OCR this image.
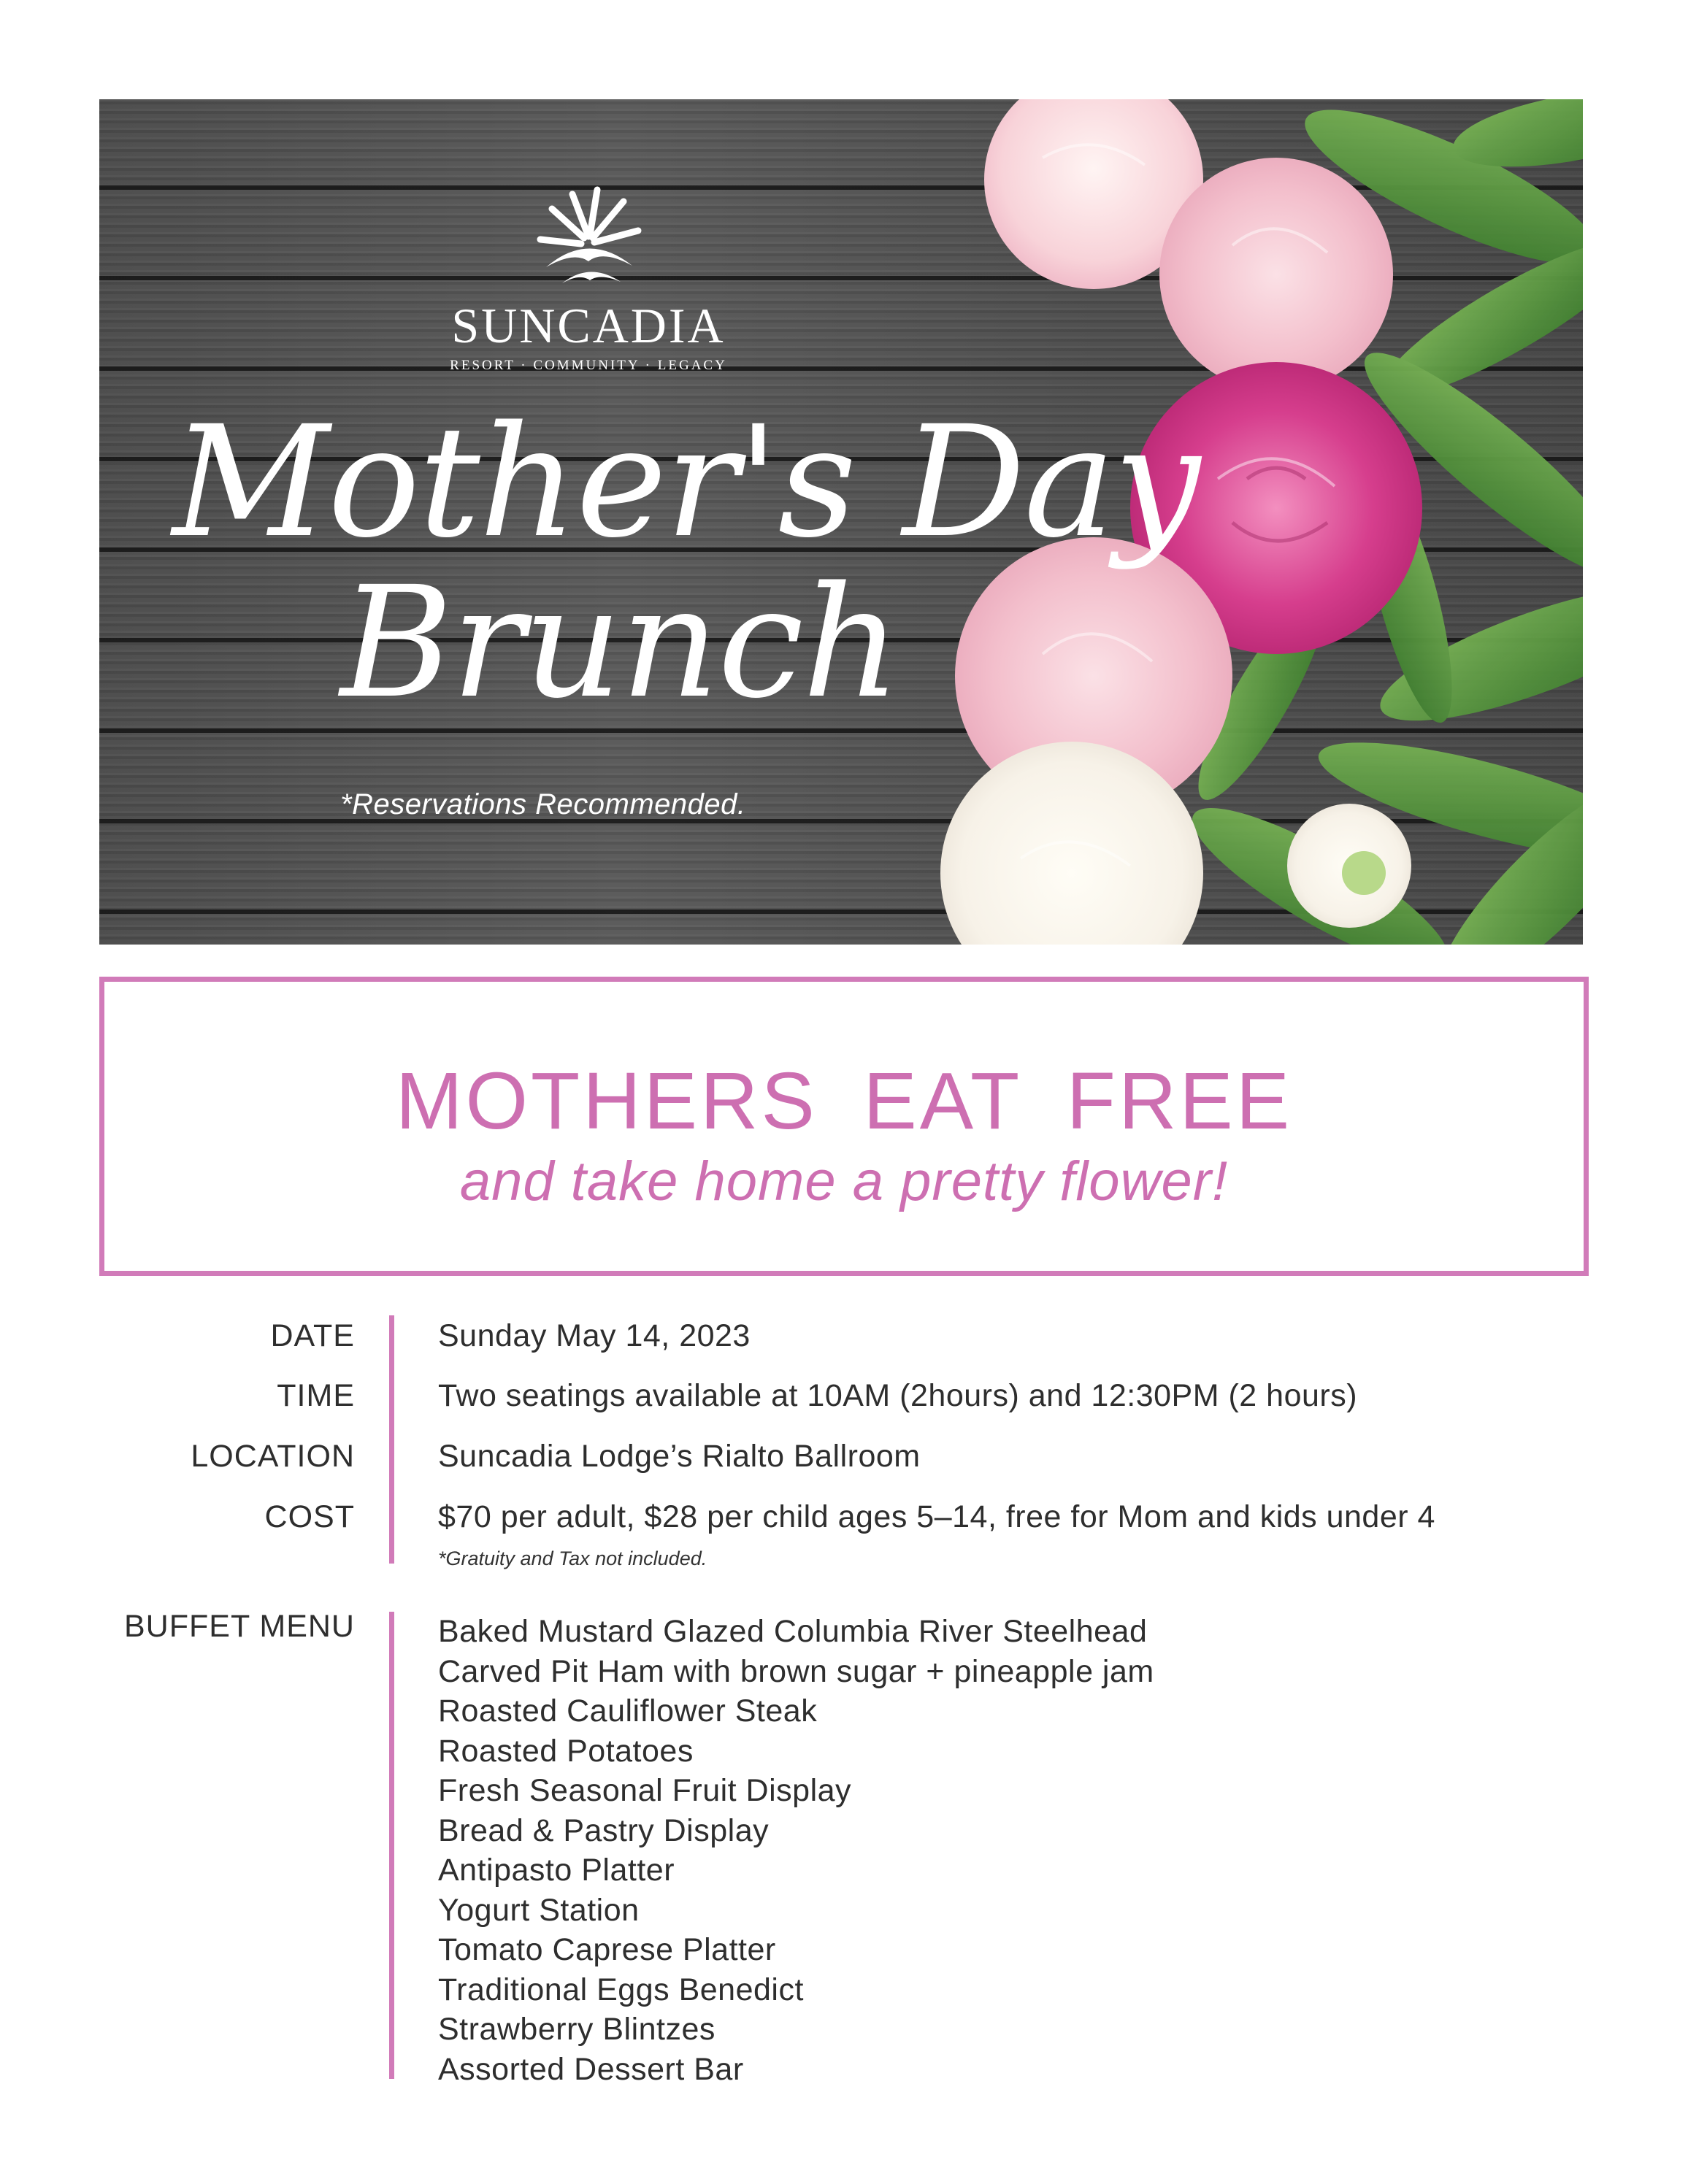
SUNCADIA
RESORT · COMMUNITY · LEGACY
Mother's Day
Brunch
*Reservations Recommended.
MOTHERS EAT FREE
and take home a pretty flower!
DATE	Sunday May 14, 2023
TIME	Two seatings available at 10AM (2hours) and 12:30PM (2 hours)
LOCATION	Suncadia Lodge’s Rialto Ballroom
COST	$70 per adult, $28 per child ages 5–14, free for Mom and kids under 4
*Gratuity and Tax not included.
BUFFET MENU	Baked Mustard Glazed Columbia River Steelhead
Carved Pit Ham with brown sugar + pineapple jam
Roasted Cauliflower Steak
Roasted Potatoes
Fresh Seasonal Fruit Display
Bread & Pastry Display
Antipasto Platter
Yogurt Station
Tomato Caprese Platter
Traditional Eggs Benedict
Strawberry Blintzes
Assorted Dessert Bar
